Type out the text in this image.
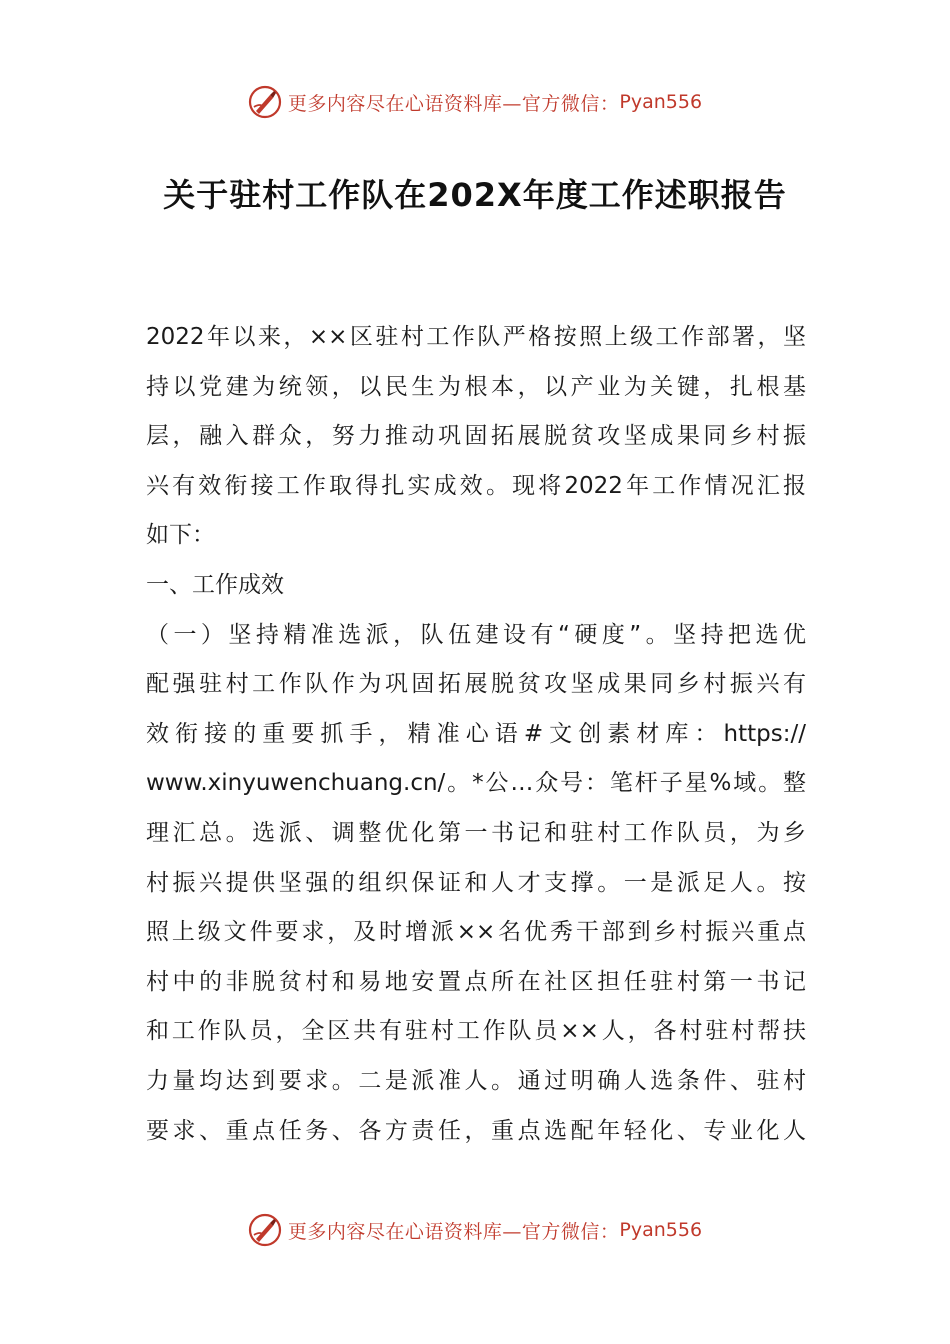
更多内容尽在心语资料库—官方微信： Pyan556
关于驻村工作队在202X年度工作述职报告
2022年以来，××区驻村工作队严格按照上级工作部署，坚
持以党建为统领，以民生为根本，以产业为关键，扎根基
层，融入群众，努力推动巩固拓展脱贫攻坚成果同乡村振
兴有效衔接工作取得扎实成效。现将2022年工作情况汇报
如下：
一、工作成效
（一）坚持精准选派，队伍建设有“硬度”。坚持把选优
配强驻村工作队作为巩固拓展脱贫攻坚成果同乡村振兴有
效衔接的重要抓手，精准心语#文创素材库：https://
www.xinyuwenchuang.cn/。*公…众号：笔杆子星%域。整
理汇总。选派、调整优化第一书记和驻村工作队员，为乡
村振兴提供坚强的组织保证和人才支撑。一是派足人。按
照上级文件要求，及时增派××名优秀干部到乡村振兴重点
村中的非脱贫村和易地安置点所在社区担任驻村第一书记
和工作队员，全区共有驻村工作队员××人，各村驻村帮扶
力量均达到要求。二是派准人。通过明确人选条件、驻村
要求、重点任务、各方责任，重点选配年轻化、专业化人
更多内容尽在心语资料库—官方微信： Pyan556
